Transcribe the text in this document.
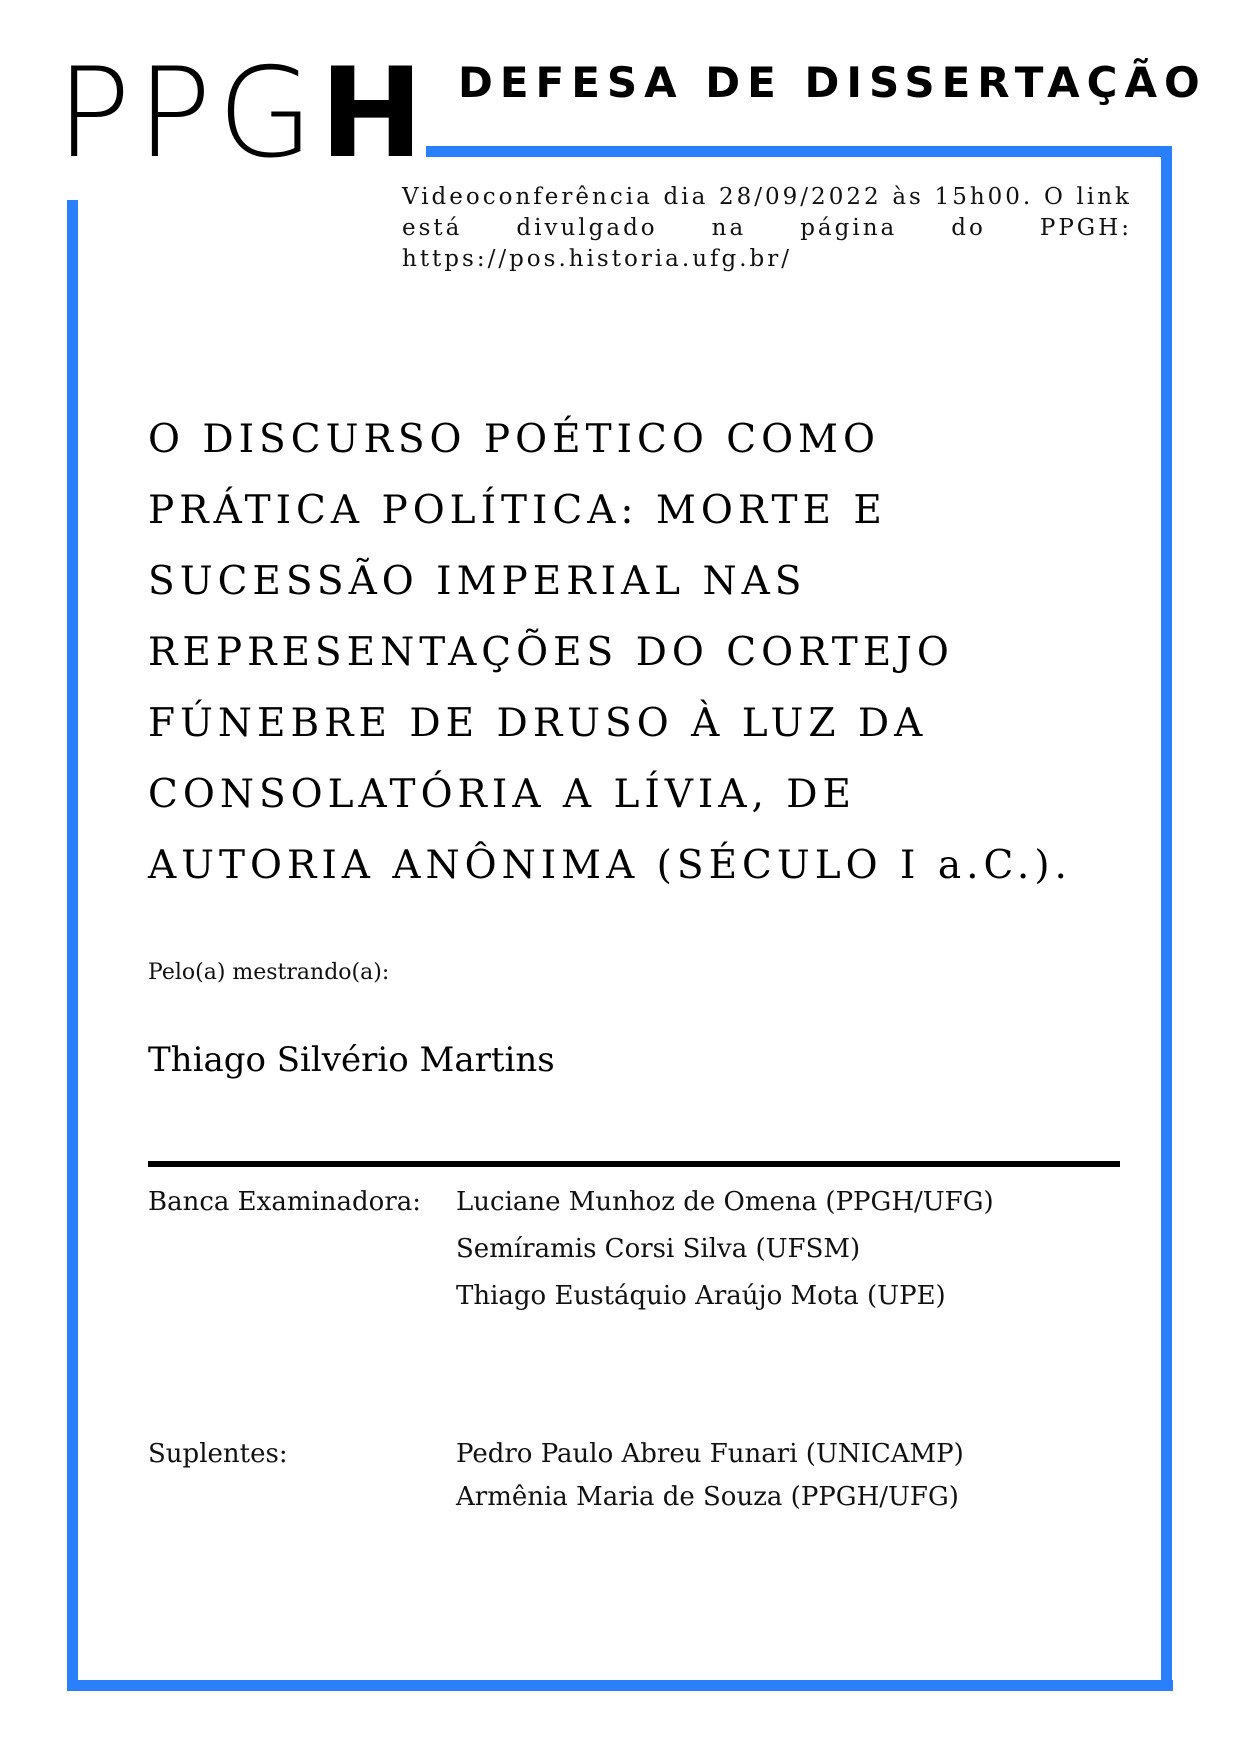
PPGH DEFESA DE DISSERTAÇÃO
Videoconferência dia 28/09/2022 às 15h00. O link está divulgado na página do PPGH: https://pos.historia.ufg.br/
O DISCURSO POÉTICO COMO
PRÁTICA POLÍTICA: MORTE E
SUCESSÃO IMPERIAL NAS
REPRESENTAÇÕES DO CORTEJO
FÚNEBRE DE DRUSO À LUZ DA
CONSOLATÓRIA A LÍVIA, DE
AUTORIA ANÔNIMA (SÉCULO I a.C.).
Pelo(a) mestrando(a):
Thiago Silvério Martins
Banca Examinadora:	Luciane Munhoz de Omena (PPGH/UFG)
Semíramis Corsi Silva (UFSM)
Thiago Eustáquio Araújo Mota (UPE)
Suplentes:	Pedro Paulo Abreu Funari (UNICAMP)
Armênia Maria de Souza (PPGH/UFG)
